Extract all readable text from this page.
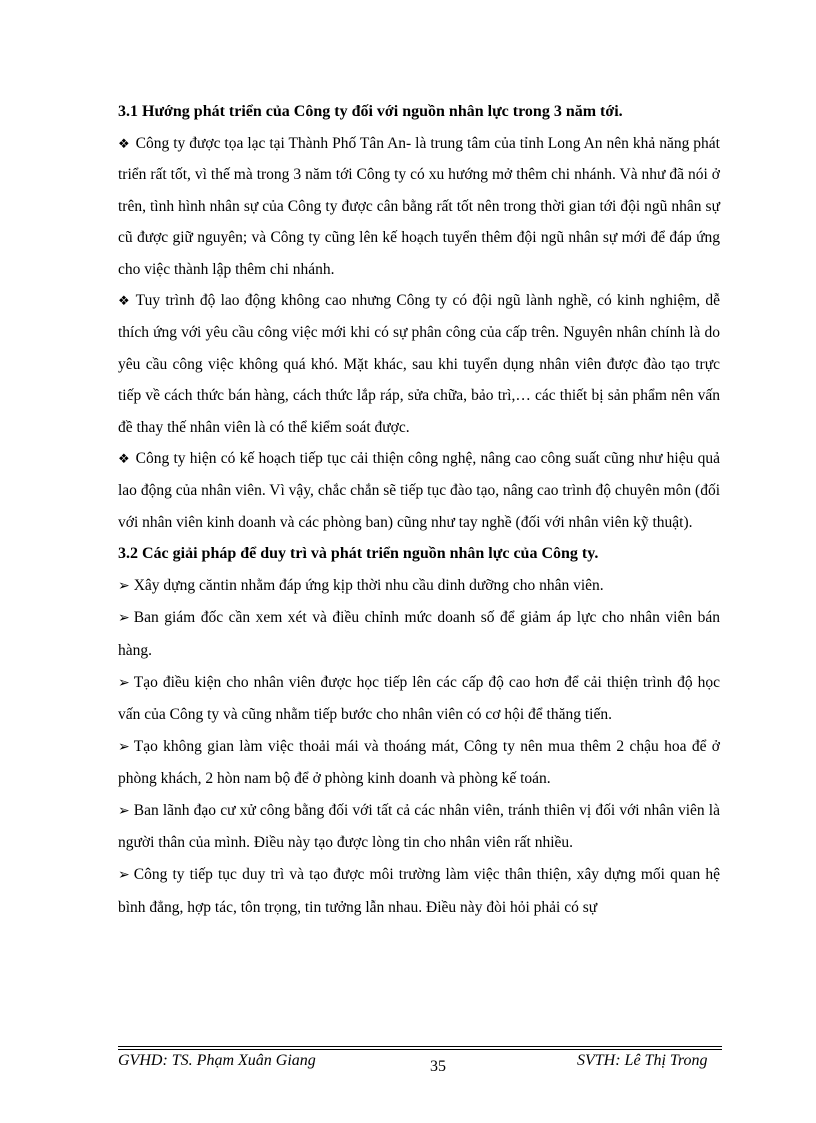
3.1 Hướng phát triển của Công ty đối với nguồn nhân lực trong 3 năm tới.

❖ Công ty được tọa lạc tại Thành Phố Tân An- là trung tâm của tỉnh Long An nên khả năng phát triển rất tốt, vì thế mà trong 3 năm tới Công ty có xu hướng mở thêm chi nhánh. Và như đã nói ở trên, tình hình nhân sự của Công ty được cân bằng rất tốt nên trong thời gian tới đội ngũ nhân sự cũ được giữ nguyên; và Công ty cũng lên kế hoạch tuyển thêm đội ngũ nhân sự mới để đáp ứng cho việc thành lập thêm chi nhánh.

❖ Tuy trình độ lao động không cao nhưng Công ty có đội ngũ lành nghề, có kinh nghiệm, dễ thích ứng với yêu cầu công việc mới khi có sự phân công của cấp trên. Nguyên nhân chính là do yêu cầu công việc không quá khó. Mặt khác, sau khi tuyển dụng nhân viên được đào tạo trực tiếp về cách thức bán hàng, cách thức lắp ráp, sửa chữa, bảo trì,… các thiết bị sản phẩm nên vấn đề thay thế nhân viên là có thể kiểm soát được.

❖ Công ty hiện có kế hoạch tiếp tục cải thiện công nghệ, nâng cao công suất cũng như hiệu quả lao động của nhân viên. Vì vậy, chắc chắn sẽ tiếp tục đào tạo, nâng cao trình độ chuyên môn (đối với nhân viên kinh doanh và các phòng ban) cũng như tay nghề (đối với nhân viên kỹ thuật).

3.2 Các giải pháp để duy trì và phát triển nguồn nhân lực của Công ty.

➢ Xây dựng căntin nhằm đáp ứng kịp thời nhu cầu dinh dưỡng cho nhân viên.

➢ Ban giám đốc cần xem xét và điều chỉnh mức doanh số để giảm áp lực cho nhân viên bán hàng.

➢ Tạo điều kiện cho nhân viên được học tiếp lên các cấp độ cao hơn để cải thiện trình độ học vấn của Công ty và cũng nhằm tiếp bước cho nhân viên có cơ hội để thăng tiến.

➢ Tạo không gian làm việc thoải mái và thoáng mát, Công ty nên mua thêm 2 chậu hoa để ở phòng khách, 2 hòn nam bộ để ở phòng kinh doanh và phòng kế toán.

➢ Ban lãnh đạo cư xử công bằng đối với tất cả các nhân viên, tránh thiên vị đối với nhân viên là người thân của mình. Điều này tạo được lòng tin cho nhân viên rất nhiều.

➢ Công ty tiếp tục duy trì và tạo được môi trường làm việc thân thiện, xây dựng mối quan hệ bình đẳng, hợp tác, tôn trọng, tin tưởng lẫn nhau. Điều này đòi hỏi phải có sự

GVHD: TS. Phạm Xuân Giang	35	SVTH: Lê Thị Trong
